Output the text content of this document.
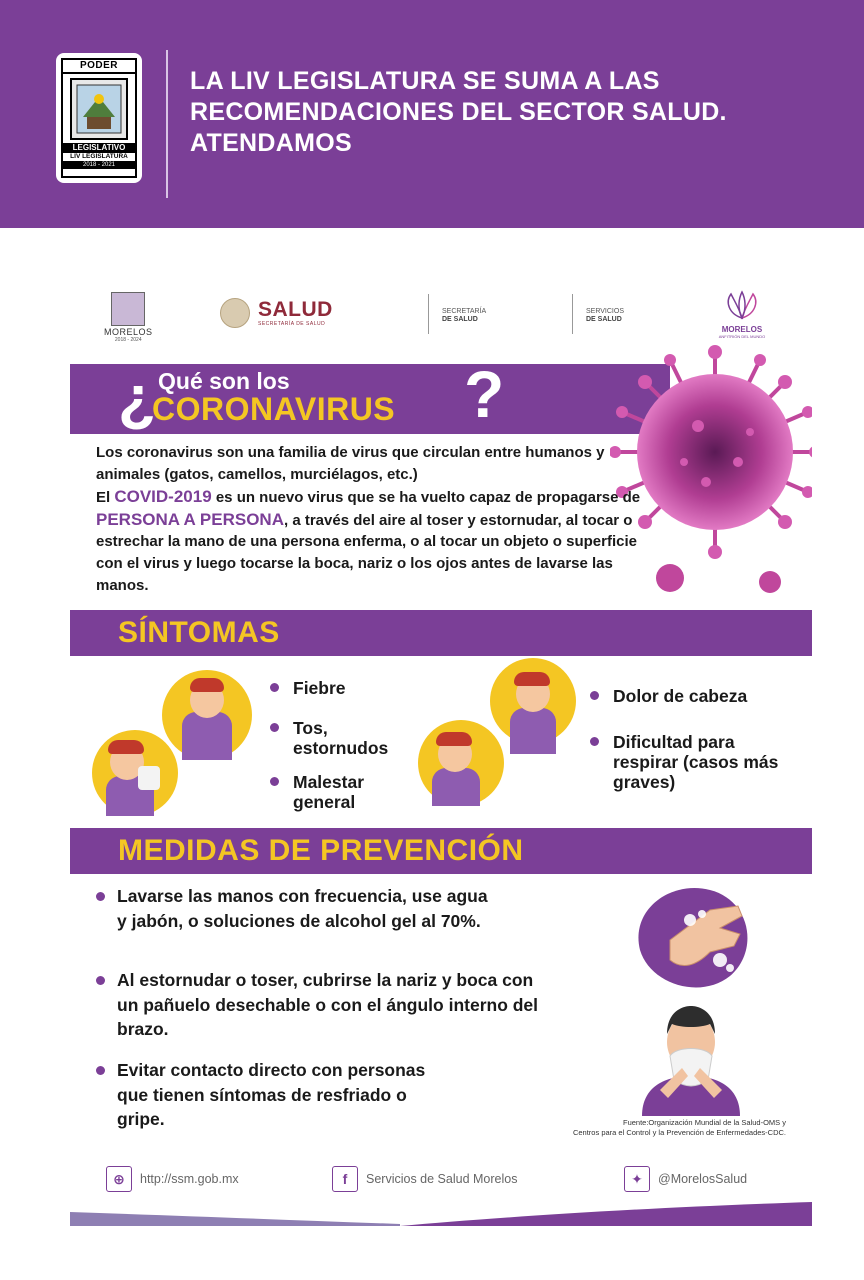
PODER
LEGISLATIVO
LIV LEGISLATURA
2018 - 2021
LA LIV LEGISLATURA SE SUMA A LAS
RECOMENDACIONES DEL SECTOR SALUD.
ATENDAMOS
MORELOS
2018 - 2024
SALUD
SECRETARÍA DE SALUD
SECRETARÍA
DE SALUD
SERVICIOS
DE SALUD
MORELOS
ANFITRIÓN DEL MUNDO
¿ Qué son los
CORONAVIRUS ?
Los coronavirus son una familia de virus que circulan entre humanos y animales (gatos, camellos, murciélagos, etc.)
El COVID-2019 es un nuevo virus que se ha vuelto capaz de propagarse de PERSONA A PERSONA, a través del aire al toser y estornudar, al tocar o estrechar la mano de una persona enferma, o al tocar un objeto o superficie con el virus y luego tocarse la boca, nariz o los ojos antes de lavarse las manos.
SÍNTOMAS
Fiebre
Tos, estornudos
Malestar general
Dolor de cabeza
Dificultad para respirar (casos más graves)
MEDIDAS DE PREVENCIÓN
Lavarse las manos con frecuencia, use agua y jabón, o soluciones de alcohol gel al 70%.
Al estornudar o toser, cubrirse la nariz y boca con un pañuelo desechable o con el ángulo interno del brazo.
Evitar contacto directo con personas que tienen síntomas de resfriado o gripe.	Fuente:Organización Mundial de la Salud-OMS y
Centros para el Control y la Prevención de Enfermedades-CDC.
⊕	http://ssm.gob.mx	f	Servicios de Salud Morelos	✦	@MorelosSalud
